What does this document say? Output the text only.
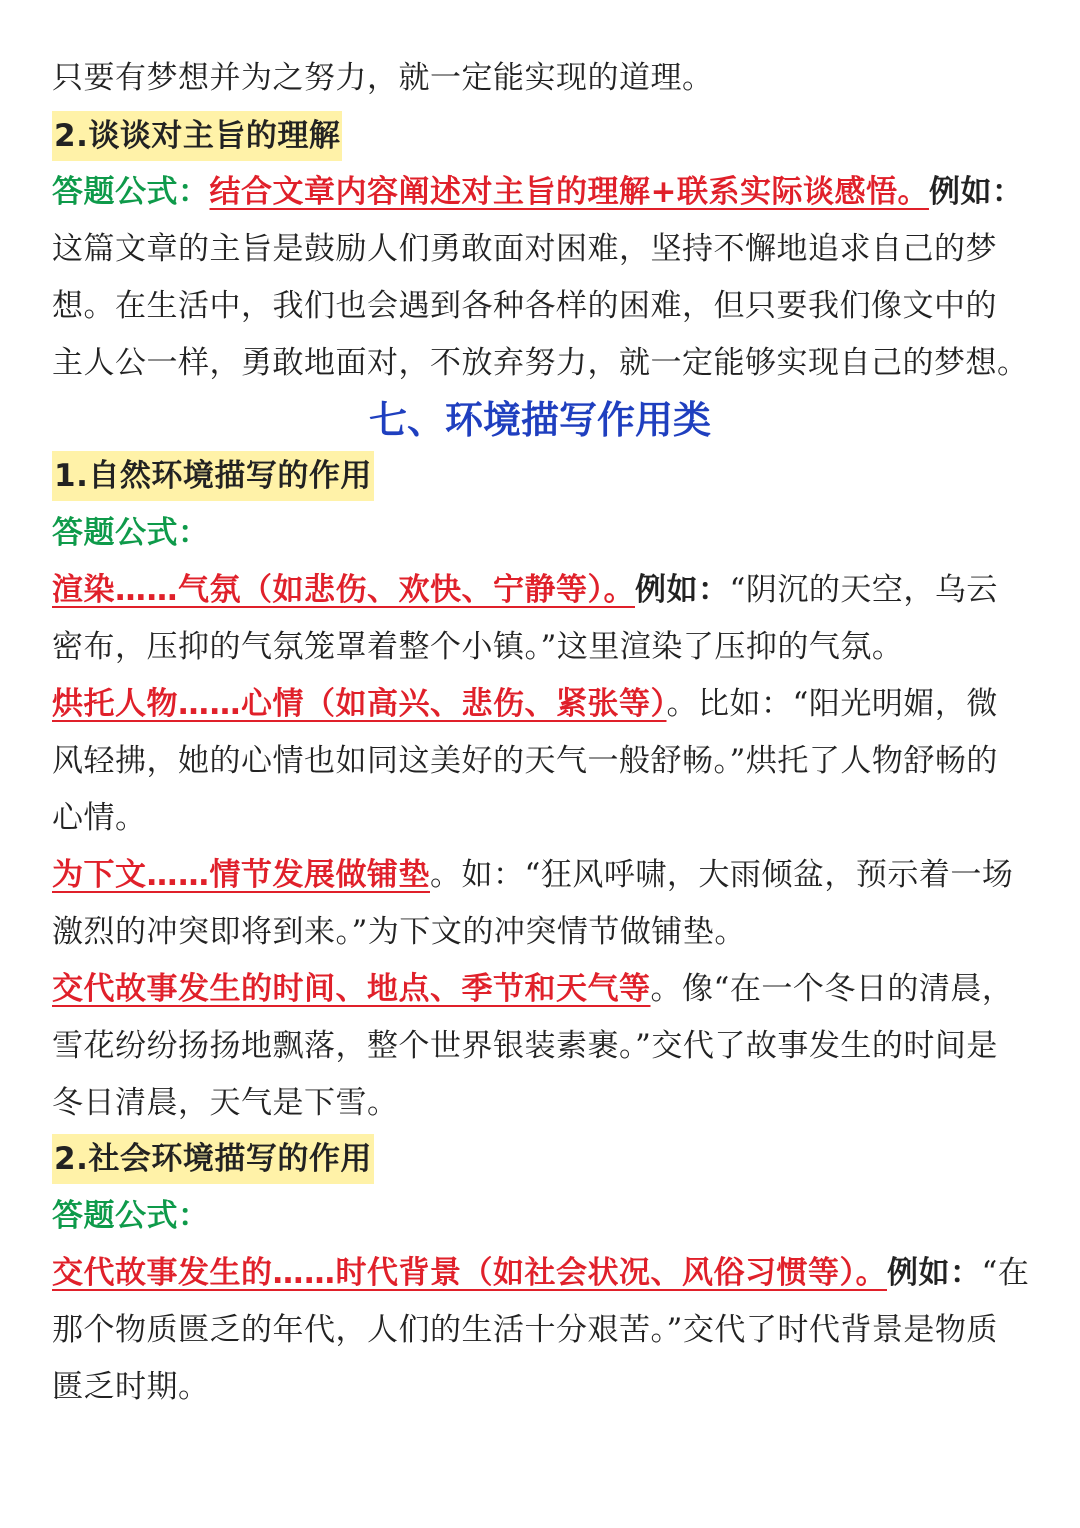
只要有梦想并为之努力，就一定能实现的道理。
2.谈谈对主旨的理解
答题公式：结合文章内容阐述对主旨的理解+联系实际谈感悟。例如：
这篇文章的主旨是鼓励人们勇敢面对困难，坚持不懈地追求自己的梦
想。在生活中，我们也会遇到各种各样的困难，但只要我们像文中的
主人公一样，勇敢地面对，不放弃努力，就一定能够实现自己的梦想。
七、环境描写作用类
1.自然环境描写的作用
答题公式：
渲染……气氛（如悲伤、欢快、宁静等）。例如：“阴沉的天空，乌云
密布，压抑的气氛笼罩着整个小镇。”这里渲染了压抑的气氛。
烘托人物……心情（如高兴、悲伤、紧张等）。比如：“阳光明媚，微
风轻拂，她的心情也如同这美好的天气一般舒畅。”烘托了人物舒畅的
心情。
为下文……情节发展做铺垫。如：“狂风呼啸，大雨倾盆，预示着一场
激烈的冲突即将到来。”为下文的冲突情节做铺垫。
交代故事发生的时间、地点、季节和天气等。像“在一个冬日的清晨，
雪花纷纷扬扬地飘落，整个世界银装素裹。”交代了故事发生的时间是
冬日清晨，天气是下雪。
2.社会环境描写的作用
答题公式：
交代故事发生的……时代背景（如社会状况、风俗习惯等）。例如：“在
那个物质匮乏的年代，人们的生活十分艰苦。”交代了时代背景是物质
匮乏时期。
